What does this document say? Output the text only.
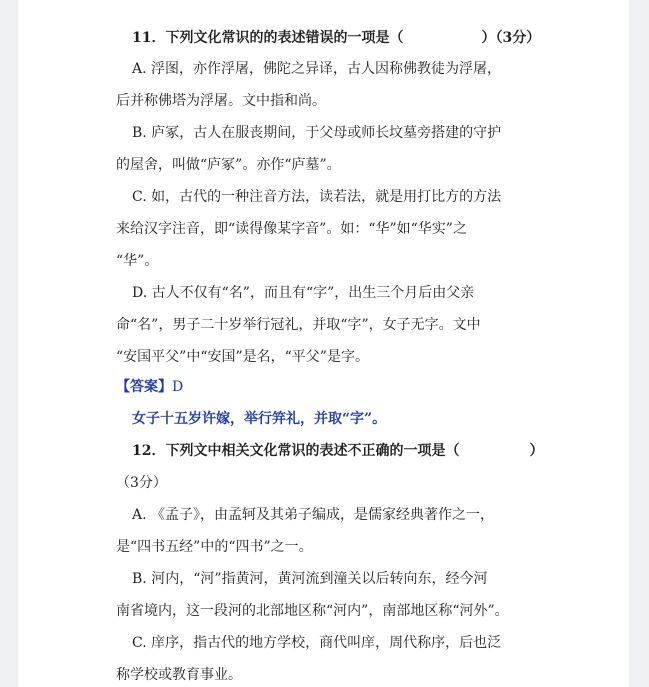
11．下列文化常识的的表述错误的一项是（	）（3分）
A. 浮图，亦作浮屠，佛陀之异译，古人因称佛教徒为浮屠，
后并称佛塔为浮屠。文中指和尚。
B. 庐冢，古人在服丧期间，于父母或师长坟墓旁搭建的守护
的屋舍，叫做“庐冢”。亦作“庐墓”。
C. 如，古代的一种注音方法，读若法，就是用打比方的方法
来给汉字注音，即“读得像某字音”。如：“华”如“华实”之
“华”。
D. 古人不仅有“名”，而且有“字”，出生三个月后由父亲
命“名”，男子二十岁举行冠礼，并取“字”，女子无字。文中
“安国平父”中“安国”是名，“平父”是字。
【答案】D
女子十五岁许嫁，举行笄礼，并取“字”。
12．下列文中相关文化常识的表述不正确的一项是（	）
（3分）
A. 《孟子》，由孟轲及其弟子编成，是儒家经典著作之一，
是“四书五经”中的“四书”之一。
B. 河内，“河”指黄河，黄河流到潼关以后转向东，经今河
南省境内，这一段河的北部地区称“河内”，南部地区称“河外”。
C. 庠序，指古代的地方学校，商代叫庠，周代称序，后也泛
称学校或教育事业。
